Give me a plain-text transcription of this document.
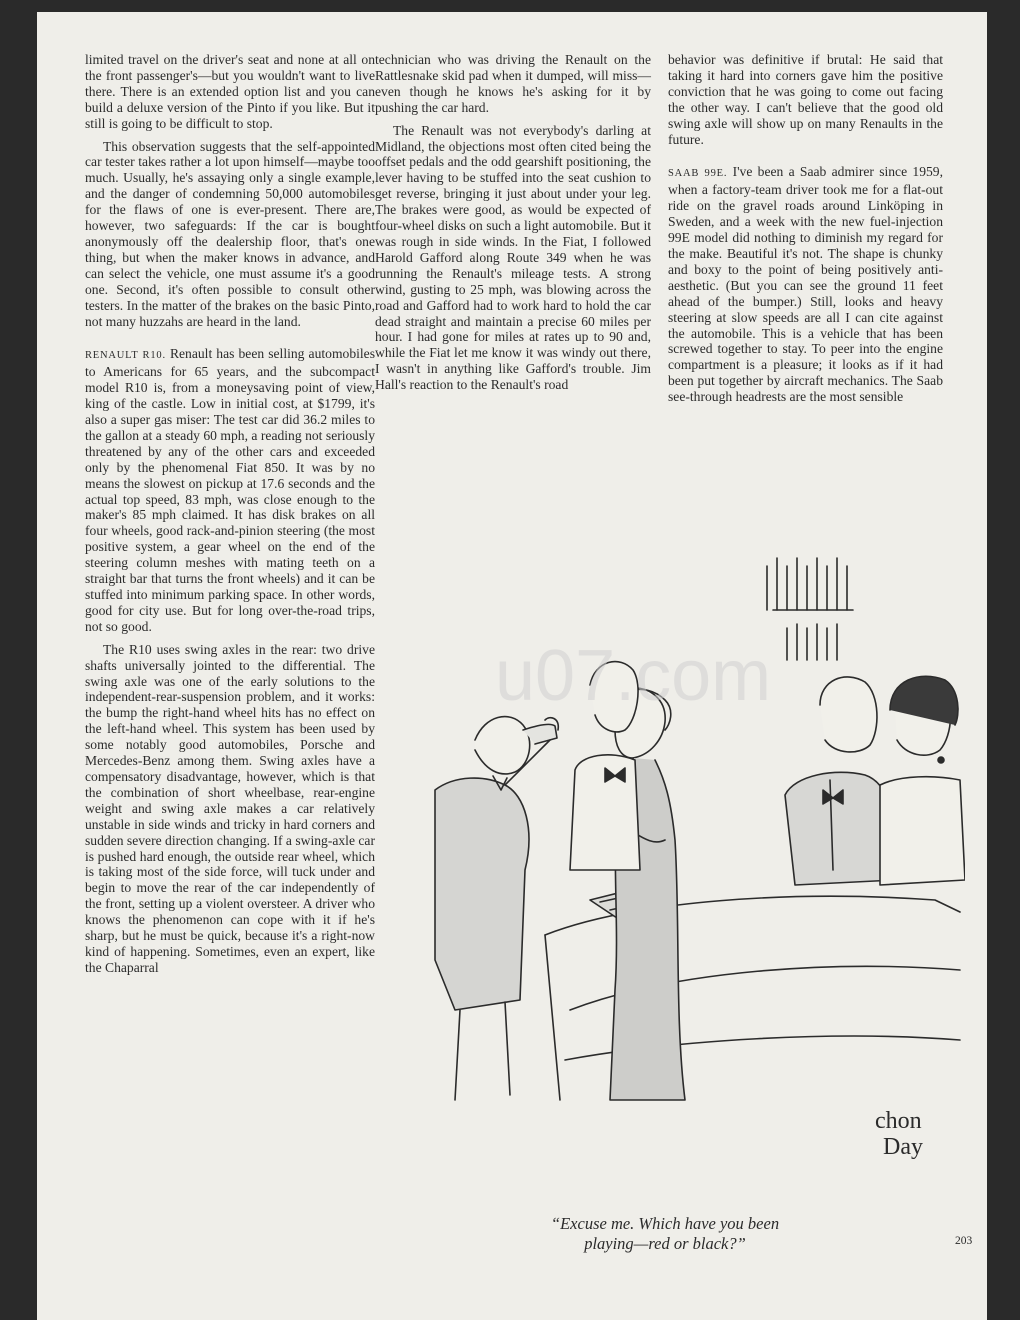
limited travel on the driver's seat and none at all on the front passenger's—but you wouldn't want to live there. There is an extended option list and you can build a deluxe version of the Pinto if you like. But it still is going to be difficult to stop.

This observation suggests that the self-appointed car tester takes rather a lot upon himself—maybe too much. Usually, he's assaying only a single example, and the danger of condemning 50,000 automobiles for the flaws of one is ever-present. There are, however, two safeguards: If the car is bought anonymously off the dealership floor, that's one thing, but when the maker knows in advance, and can select the vehicle, one must assume it's a good one. Second, it's often possible to consult other testers. In the matter of the brakes on the basic Pinto, not many huzzahs are heard in the land.

RENAULT R10. Renault has been selling automobiles to Americans for 65 years, and the subcompact model R10 is, from a moneysaving point of view, king of the castle. Low in initial cost, at $1799, it's also a super gas miser: The test car did 36.2 miles to the gallon at a steady 60 mph, a reading not seriously threatened by any of the other cars and exceeded only by the phenomenal Fiat 850. It was by no means the slowest on pickup at 17.6 seconds and the actual top speed, 83 mph, was close enough to the maker's 85 mph claimed. It has disk brakes on all four wheels, good rack-and-pinion steering (the most positive system, a gear wheel on the end of the steering column meshes with mating teeth on a straight bar that turns the front wheels) and it can be stuffed into minimum parking space. In other words, good for city use. But for long over-the-road trips, not so good.

The R10 uses swing axles in the rear: two drive shafts universally jointed to the differential. The swing axle was one of the early solutions to the independent-rear-suspension problem, and it works: the bump the right-hand wheel hits has no effect on the left-hand wheel. This system has been used by some notably good automobiles, Porsche and Mercedes-Benz among them. Swing axles have a compensatory disadvantage, however, which is that the combination of short wheelbase, rear-engine weight and swing axle makes a car relatively unstable in side winds and tricky in hard corners and sudden severe direction changing. If a swing-axle car is pushed hard enough, the outside rear wheel, which is taking most of the side force, will tuck under and begin to move the rear of the car independently of the front, setting up a violent oversteer. A driver who knows the phenomenon can cope with it if he's sharp, but he must be quick, because it's a right-now kind of happening. Sometimes, even an expert, like the Chaparral

technician who was driving the Renault on the Rattlesnake skid pad when it dumped, will miss—even though he knows he's asking for it by pushing the car hard.

The Renault was not everybody's darling at Midland, the objections most often cited being the offset pedals and the odd gearshift positioning, the lever having to be stuffed into the seat cushion to get reverse, bringing it just about under your leg. The brakes were good, as would be expected of four-wheel disks on such a light automobile. But it was rough in side winds. In the Fiat, I followed Harold Gafford along Route 349 when he was running the Renault's mileage tests. A strong wind, gusting to 25 mph, was blowing across the road and Gafford had to work hard to hold the car dead straight and maintain a precise 60 miles per hour. I had gone for miles at rates up to 90 and, while the Fiat let me know it was windy out there, I wasn't in anything like Gafford's trouble. Jim Hall's reaction to the Renault's road

behavior was definitive if brutal: He said that taking it hard into corners gave him the positive conviction that he was going to come out facing the other way. I can't believe that the good old swing axle will show up on many Renaults in the future.

SAAB 99E. I've been a Saab admirer since 1959, when a factory-team driver took me for a flat-out ride on the gravel roads around Linköping in Sweden, and a week with the new fuel-injection 99E model did nothing to diminish my regard for the make. Beautiful it's not. The shape is chunky and boxy to the point of being positively anti-aesthetic. (But you can see the ground 11 feet ahead of the bumper.) Still, looks and heavy steering at slow speeds are all I can cite against the automobile. This is a vehicle that has been screwed together to stay. To peer into the engine compartment is a pleasure; it looks as if it had been put together by aircraft mechanics. The Saab see-through headrests are the most sensible

chon
Day
u07.com
“Excuse me. Which have you been
playing—red or black?”	203
